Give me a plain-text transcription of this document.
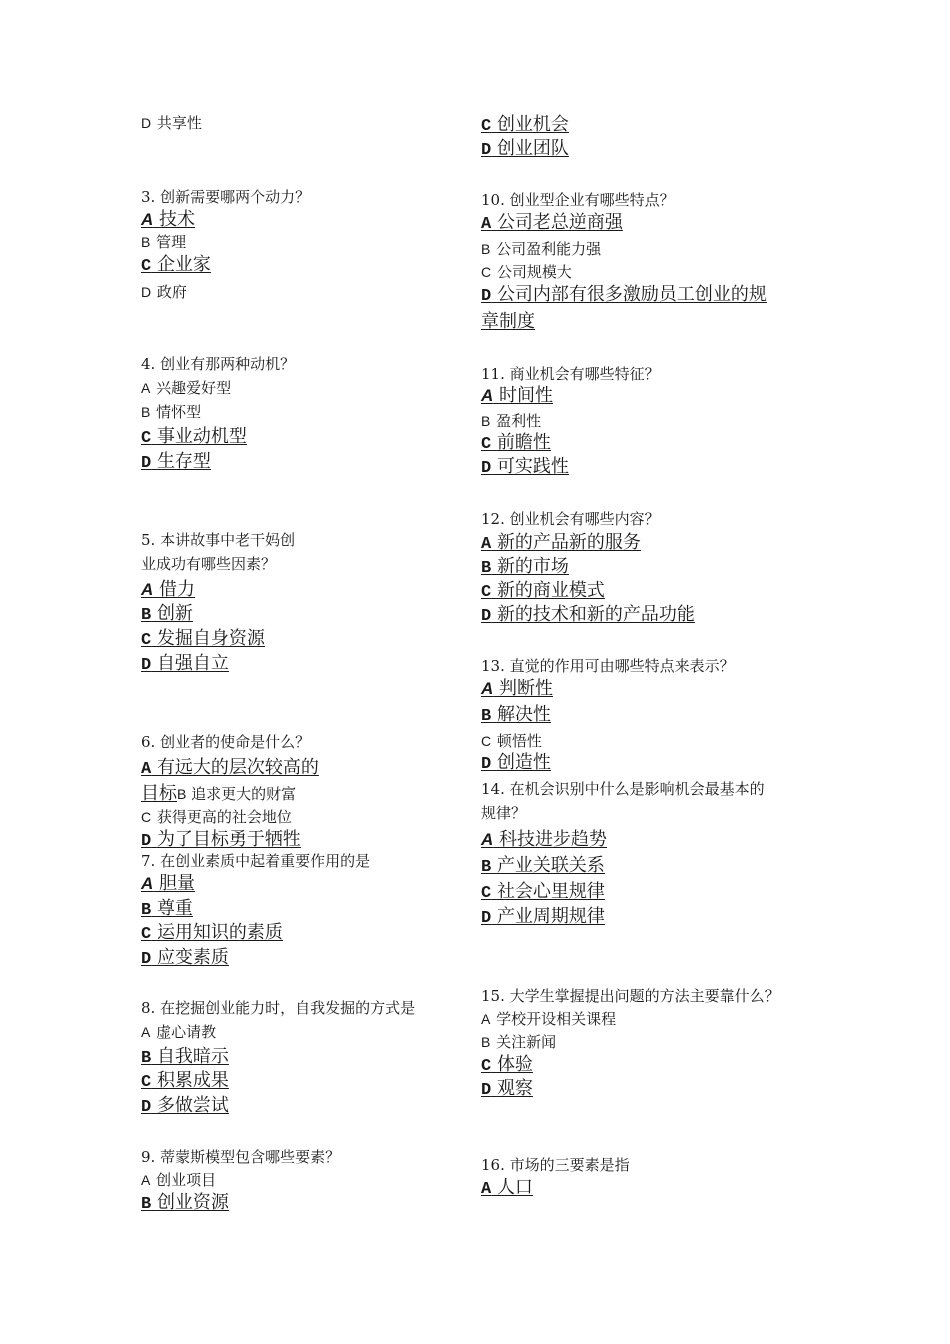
D 共享性
3. 创新需要哪两个动力？
A 技术
B 管理
C 企业家
D 政府
4. 创业有那两种动机？
A 兴趣爱好型
B 情怀型
C 事业动机型
D 生存型
5. 本讲故事中老干妈创
业成功有哪些因素？
A 借力
B 创新
C 发掘自身资源
D 自强自立
6. 创业者的使命是什么？
A 有远大的层次较高的
目标B 追求更大的财富
C 获得更高的社会地位
D 为了目标勇于牺牲
7. 在创业素质中起着重要作用的是
A 胆量
B 尊重
C 运用知识的素质
D 应变素质
8. 在挖掘创业能力时，自我发掘的方式是
A 虚心请教
B 自我暗示
C 积累成果
D 多做尝试
9. 蒂蒙斯模型包含哪些要素？
A 创业项目
B 创业资源
C 创业机会
D 创业团队
10. 创业型企业有哪些特点？
A 公司老总逆商强
B 公司盈利能力强
C 公司规模大
D 公司内部有很多激励员工创业的规
章制度
11. 商业机会有哪些特征？
A 时间性
B 盈利性
C 前瞻性
D 可实践性
12. 创业机会有哪些内容？
A 新的产品新的服务
B 新的市场
C 新的商业模式
D 新的技术和新的产品功能
13. 直觉的作用可由哪些特点来表示？
A 判断性
B 解决性
C 顿悟性
D 创造性
14. 在机会识别中什么是影响机会最基本的
规律？
A 科技进步趋势
B 产业关联关系
C 社会心里规律
D 产业周期规律
15. 大学生掌握提出问题的方法主要靠什么？
A 学校开设相关课程
B 关注新闻
C 体验
D 观察
16. 市场的三要素是指
A 人口
